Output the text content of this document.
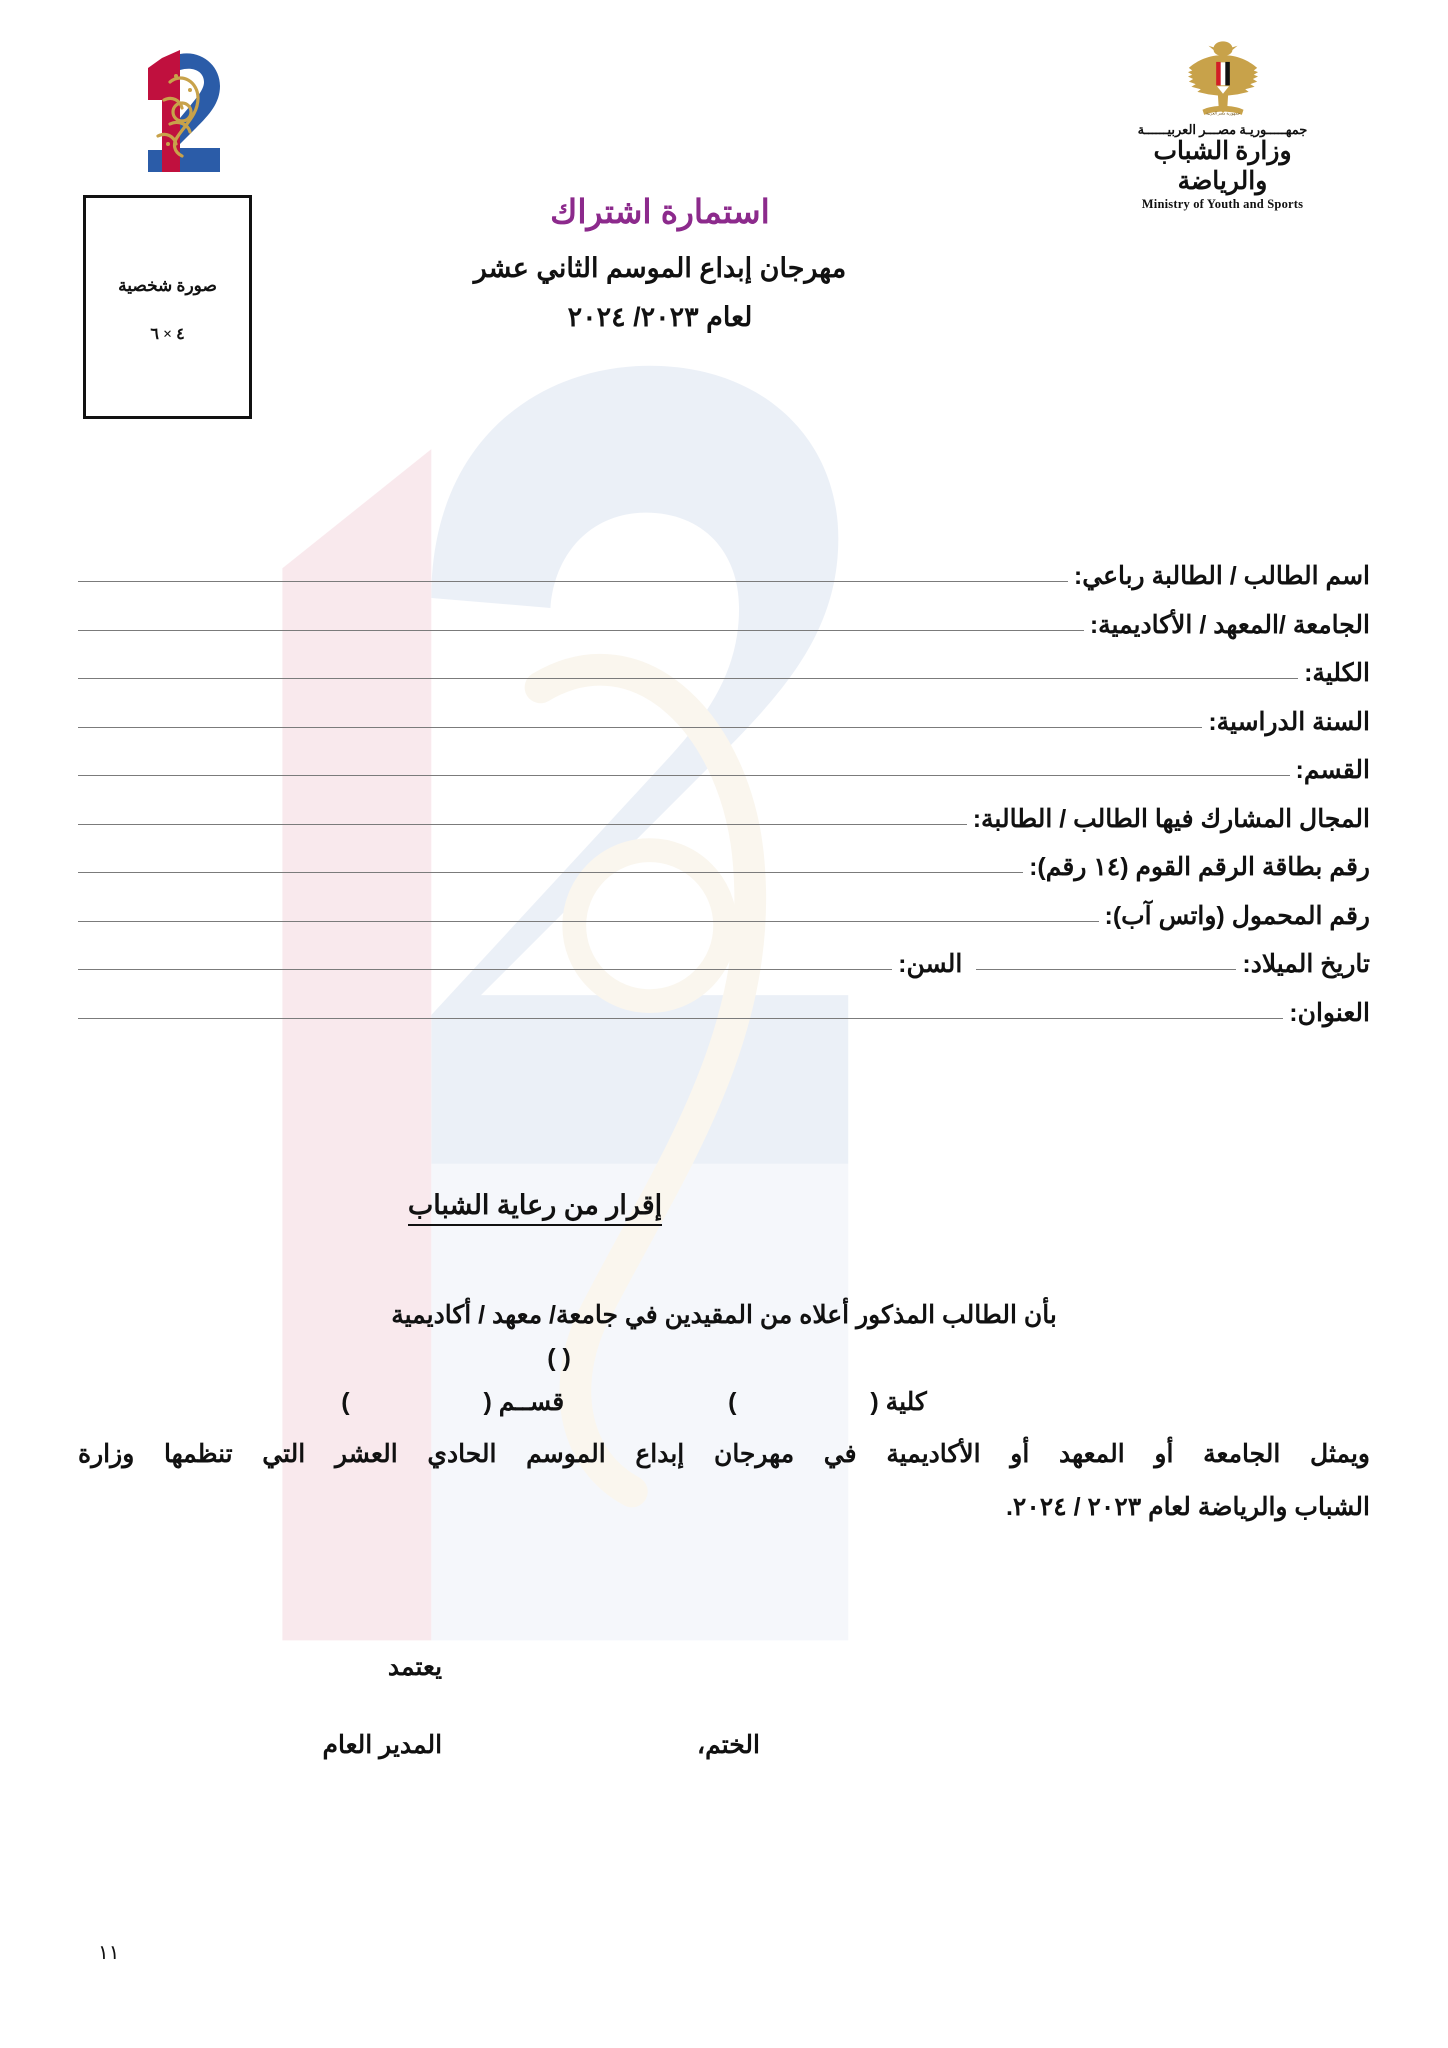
جمهورية مصر العربية
جمهـــــوريـة مصـــر العربيــــــة
وزارة الشباب والرياضة
Ministry of Youth and Sports
صورة شخصية
٤ × ٦
استمارة اشتراك
مهرجان إبداع الموسم الثاني عشر
لعام ٢٠٢٣/ ٢٠٢٤
اسم الطالب / الطالبة رباعي:
الجامعة /المعهد / الأكاديمية:
الكلية:
السنة الدراسية:
القسم:
المجال المشارك فيها الطالب / الطالبة:
رقم بطاقة الرقم القوم (١٤ رقم):
رقم المحمول (واتس آب):
تاريخ الميلاد:
السن:
العنوان:
إقرار من رعاية الشباب
بأن الطالب المذكور أعلاه من المقيدين في جامعة/ معهد / أكاديمية
( )
كلية (  )  قســم (  )
ويمثل الجامعة أو المعهد أو الأكاديمية في مهرجان إبداع الموسم الحادي العشر التي تنظمها وزارة
الشباب والرياضة لعام ٢٠٢٣ / ٢٠٢٤.
يعتمد
الختم،
المدير العام
١١
